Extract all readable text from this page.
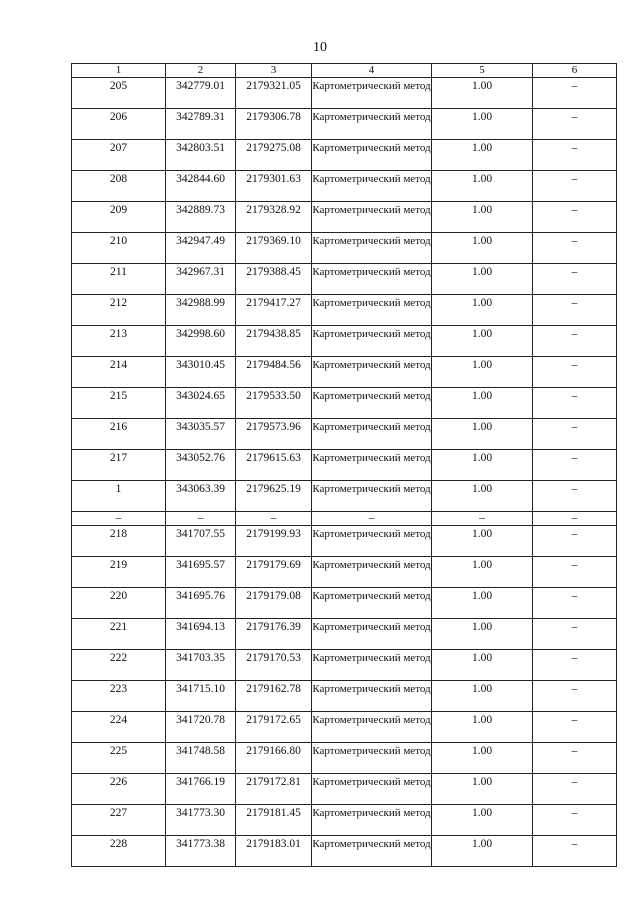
10
1	2	3	4	5	6
205	342779.01	2179321.05	Картометрический метод	1.00	–
206	342789.31	2179306.78	Картометрический метод	1.00	–
207	342803.51	2179275.08	Картометрический метод	1.00	–
208	342844.60	2179301.63	Картометрический метод	1.00	–
209	342889.73	2179328.92	Картометрический метод	1.00	–
210	342947.49	2179369.10	Картометрический метод	1.00	–
211	342967.31	2179388.45	Картометрический метод	1.00	–
212	342988.99	2179417.27	Картометрический метод	1.00	–
213	342998.60	2179438.85	Картометрический метод	1.00	–
214	343010.45	2179484.56	Картометрический метод	1.00	–
215	343024.65	2179533.50	Картометрический метод	1.00	–
216	343035.57	2179573.96	Картометрический метод	1.00	–
217	343052.76	2179615.63	Картометрический метод	1.00	–
1	343063.39	2179625.19	Картометрический метод	1.00	–
–	–	–	–	–	–
218	341707.55	2179199.93	Картометрический метод	1.00	–
219	341695.57	2179179.69	Картометрический метод	1.00	–
220	341695.76	2179179.08	Картометрический метод	1.00	–
221	341694.13	2179176.39	Картометрический метод	1.00	–
222	341703.35	2179170.53	Картометрический метод	1.00	–
223	341715.10	2179162.78	Картометрический метод	1.00	–
224	341720.78	2179172.65	Картометрический метод	1.00	–
225	341748.58	2179166.80	Картометрический метод	1.00	–
226	341766.19	2179172.81	Картометрический метод	1.00	–
227	341773.30	2179181.45	Картометрический метод	1.00	–
228	341773.38	2179183.01	Картометрический метод	1.00	–
